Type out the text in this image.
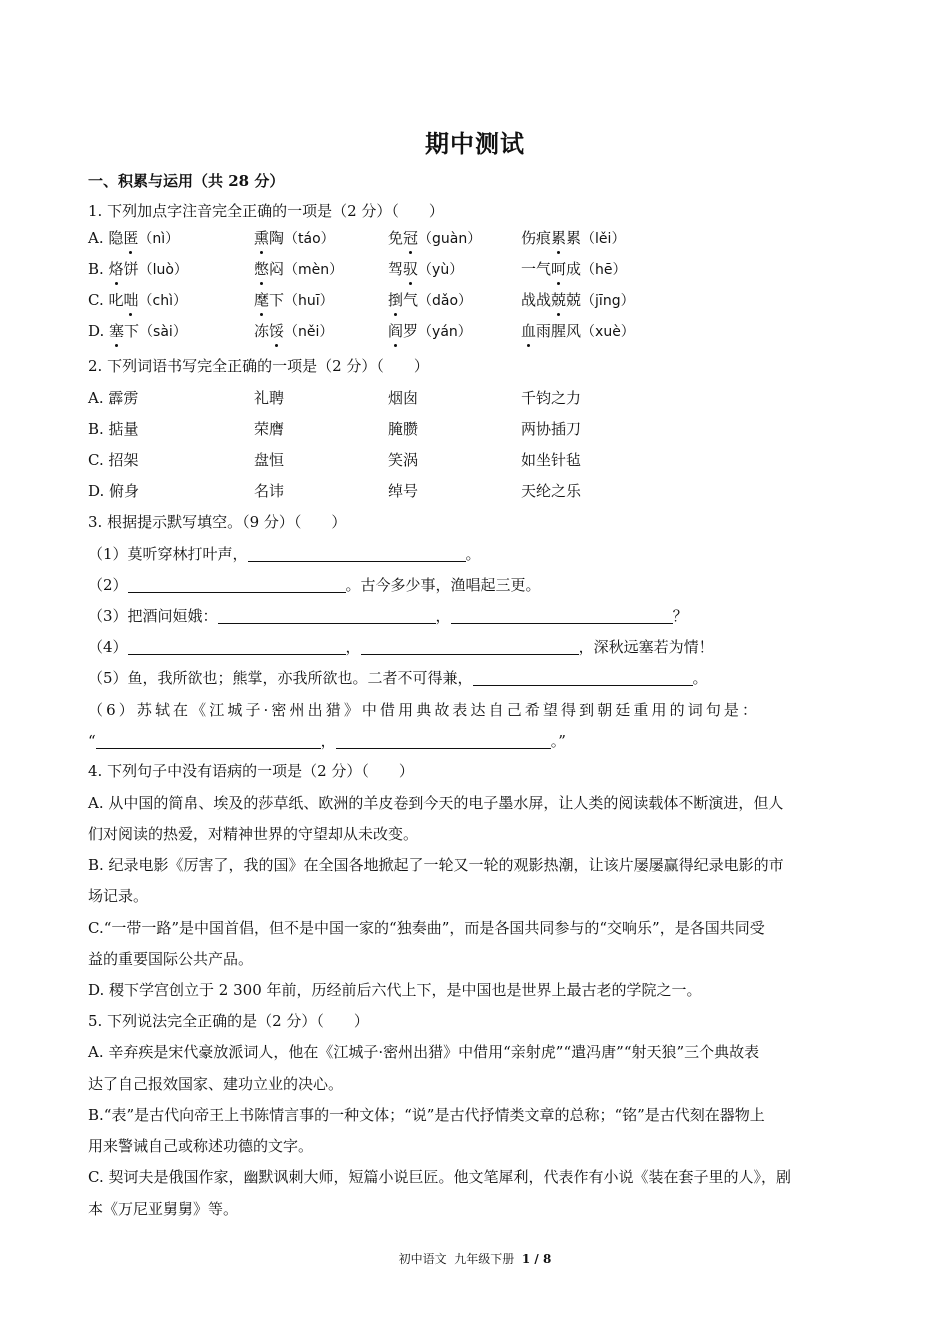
期中测试
一、积累与运用（共 28 分）
1. 下列加点字注音完全正确的一项是（2 分）（　　）
A. 隐匿（nì）	熏陶（táo）	免冠（guàn）	伤痕累累（lěi）
B. 烙饼（luò）	憋闷（mèn）	驾驭（yù）	一气呵成（hē）
C. 叱咄（chì）	麾下（huī）	捯气（dǎo）	战战兢兢（jīng）
D. 塞下（sài）	冻馁（něi）	阎罗（yán）	血雨腥风（xuè）
2. 下列词语书写完全正确的一项是（2 分）（　　）
A. 霹雳	礼聘	烟囱	千钧之力
B. 掂量	荣膺	腌臜	两协插刀
C. 招架	盘恒	笑涡	如坐针毡
D. 俯身	名讳	绰号	天纶之乐
3. 根据提示默写填空。（9 分）（　　）
（1）莫听穿林打叶声，	。
（2）	。古今多少事，渔唱起三更。
（3）把酒问姮娥：	，	？
（4）	，	，深秋远塞若为情！
（5）鱼，我所欲也；熊掌，亦我所欲也。二者不可得兼，	。
（6）苏轼在《江城子·密州出猎》中借用典故表达自己希望得到朝廷重用的词句是：
“	，	。”
4. 下列句子中没有语病的一项是（2 分）（　　）
A. 从中国的简帛、埃及的莎草纸、欧洲的羊皮卷到今天的电子墨水屏，让人类的阅读载体不断演进，但人
们对阅读的热爱，对精神世界的守望却从未改变。
B. 纪录电影《厉害了，我的国》在全国各地掀起了一轮又一轮的观影热潮，让该片屡屡赢得纪录电影的市
场记录。
C.“一带一路”是中国首倡，但不是中国一家的“独奏曲”，而是各国共同参与的“交响乐”，是各国共同受
益的重要国际公共产品。
D. 稷下学宫创立于 2 300 年前，历经前后六代上下，是中国也是世界上最古老的学院之一。
5. 下列说法完全正确的是（2 分）（　　）
A. 辛弃疾是宋代豪放派词人，他在《江城子·密州出猎》中借用“亲射虎”“遣冯唐”“射天狼”三个典故表
达了自己报效国家、建功立业的决心。
B.“表”是古代向帝王上书陈情言事的一种文体；“说”是古代抒情类文章的总称；“铭”是古代刻在器物上
用来警诫自己或称述功德的文字。
C. 契诃夫是俄国作家，幽默讽刺大师，短篇小说巨匠。他文笔犀利，代表作有小说《装在套子里的人》，剧
本《万尼亚舅舅》等。
初中语文  九年级下册  1 / 8
